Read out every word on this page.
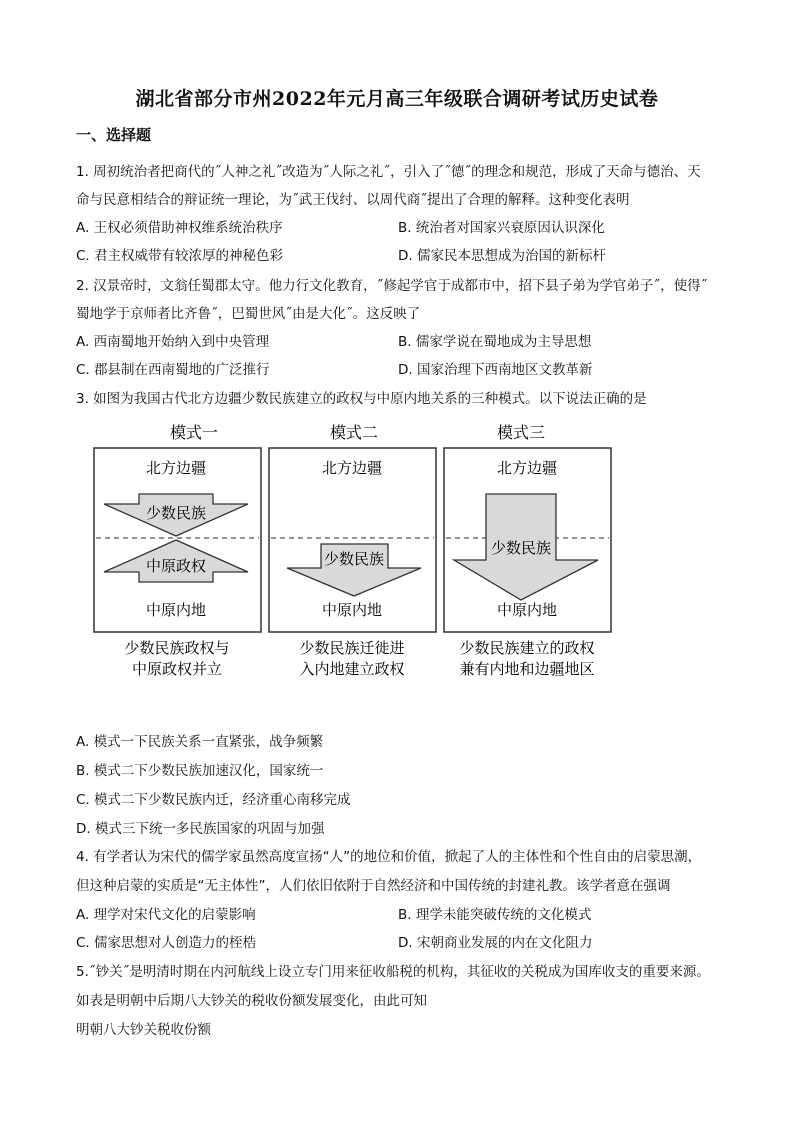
湖北省部分市州2022年元月高三年级联合调研考试历史试卷
一、选择题
1. 周初统治者把商代的˝人神之礼˝改造为˝人际之礼˝，引入了˝德˝的理念和规范，形成了天命与德治、天
命与民意相结合的辩证统一理论，为˝武王伐纣、以周代商˝提出了合理的解释。这种变化表明
A. 王权必须借助神权维系统治秩序	B. 统治者对国家兴衰原因认识深化
C. 君主权威带有较浓厚的神秘色彩	D. 儒家民本思想成为治国的新标杆
2. 汉景帝时，文翁任蜀郡太守。他力行文化教育，˝修起学官于成都市中，招下县子弟为学官弟子˝，使得˝
蜀地学于京师者比齐鲁˝，巴蜀世风˝由是大化˝。这反映了
A. 西南蜀地开始纳入到中央管理	B. 儒家学说在蜀地成为主导思想
C. 郡县制在西南蜀地的广泛推行	D. 国家治理下西南地区文教革新
3. 如图为我国古代北方边疆少数民族建立的政权与中原内地关系的三种模式。以下说法正确的是
模式一	模式二	模式三
北方边疆	北方边疆	北方边疆
少数民族
中原政权	少数民族
少数民族
中原内地	中原内地	中原内地
少数民族政权与
中原政权并立
少数民族迁徙进
入内地建立政权
少数民族建立的政权
兼有内地和边疆地区
A. 模式一下民族关系一直紧张，战争频繁
B. 模式二下少数民族加速汉化，国家统一
C. 模式二下少数民族内迁，经济重心南移完成
D. 模式三下统一多民族国家的巩固与加强
4. 有学者认为宋代的儒学家虽然高度宣扬“人”的地位和价值，掀起了人的主体性和个性自由的启蒙思潮，
但这种启蒙的实质是“无主体性”，人们依旧依附于自然经济和中国传统的封建礼教。该学者意在强调
A. 理学对宋代文化的启蒙影响	B. 理学未能突破传统的文化模式
C. 儒家思想对人创造力的桎梏	D. 宋朝商业发展的内在文化阻力
5.˝钞关˝是明清时期在内河航线上设立专门用来征收船税的机构，其征收的关税成为国库收支的重要来源。
如表是明朝中后期八大钞关的税收份额发展变化，由此可知
明朝八大钞关税收份额
